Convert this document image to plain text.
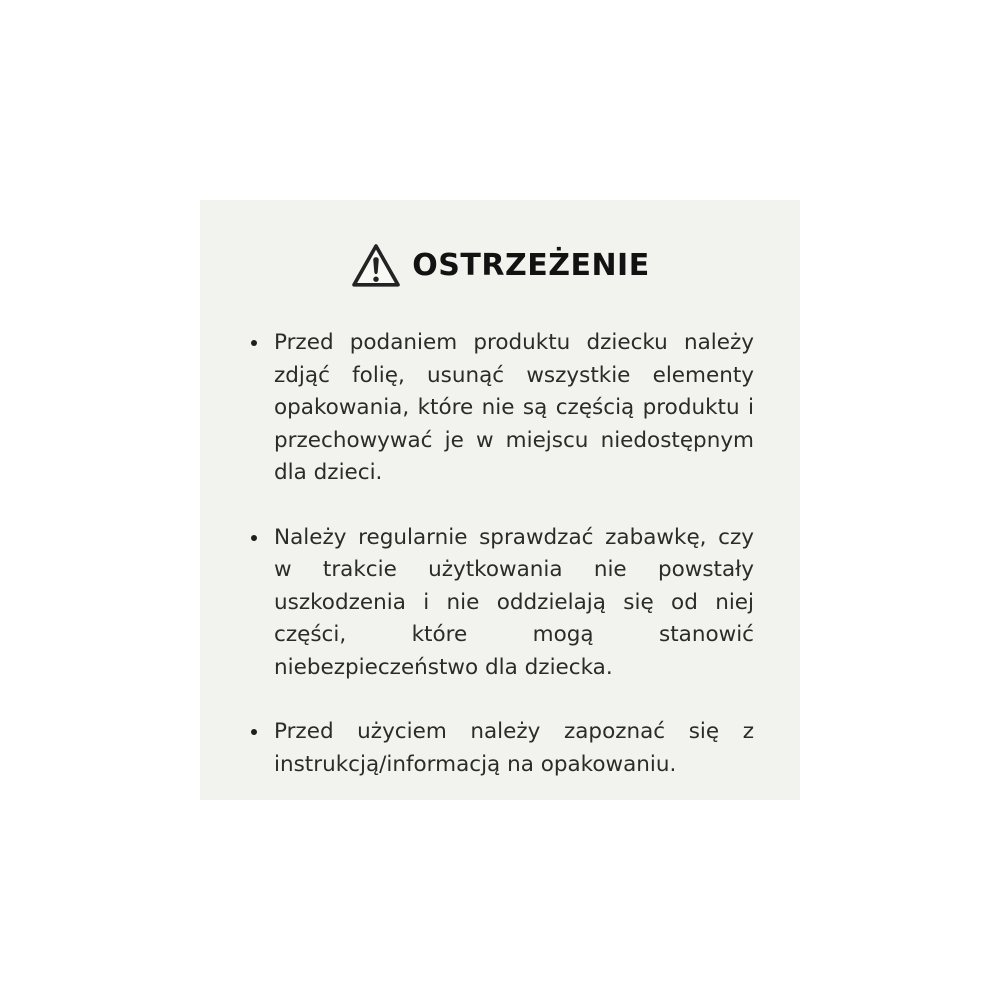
OSTRZEŻENIE
• Przed podaniem produktu dziecku należy zdjąć folię, usunąć wszystkie elementy opakowania, które nie są częścią produktu i przechowywać je w miejscu niedostępnym dla dzieci.
• Należy regularnie sprawdzać zabawkę, czy w trakcie użytkowania nie powstały uszkodzenia i nie oddzielają się od niej części, które mogą stanowić niebezpieczeństwo dla dziecka.
• Przed użyciem należy zapoznać się z instrukcją/informacją na opakowaniu.
